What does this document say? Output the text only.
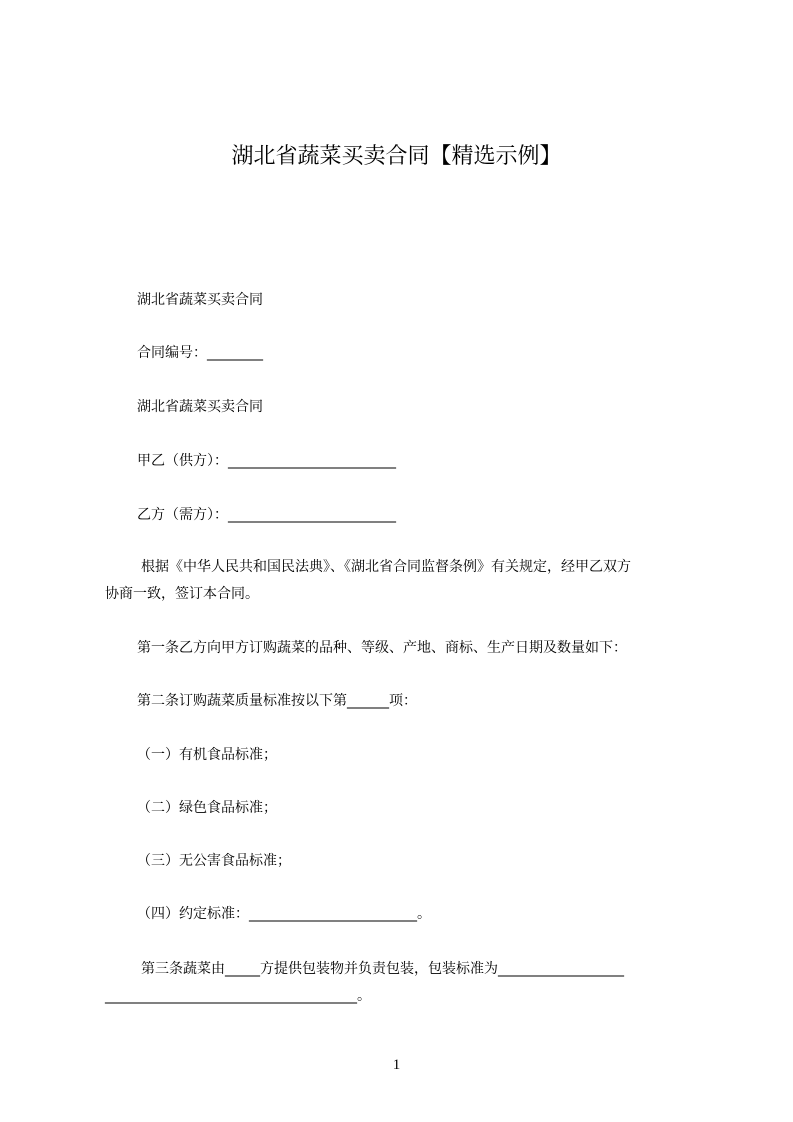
湖北省蔬菜买卖合同【精选示例】
湖北省蔬菜买卖合同
合同编号：________
湖北省蔬菜买卖合同
甲乙（供方）：________________________
乙方（需方）：________________________
根据《中华人民共和国民法典》、《湖北省合同监督条例》有关规定，经甲乙双方
协商一致，签订本合同。
第一条乙方向甲方订购蔬菜的品种、等级、产地、商标、生产日期及数量如下：
第二条订购蔬菜质量标准按以下第______项：
（一）有机食品标准；
（二）绿色食品标准；
（三）无公害食品标准；
（四）约定标准：________________________。
第三条蔬菜由_____方提供包装物并负责包装，包装标准为__________________
____________________________________。
1
